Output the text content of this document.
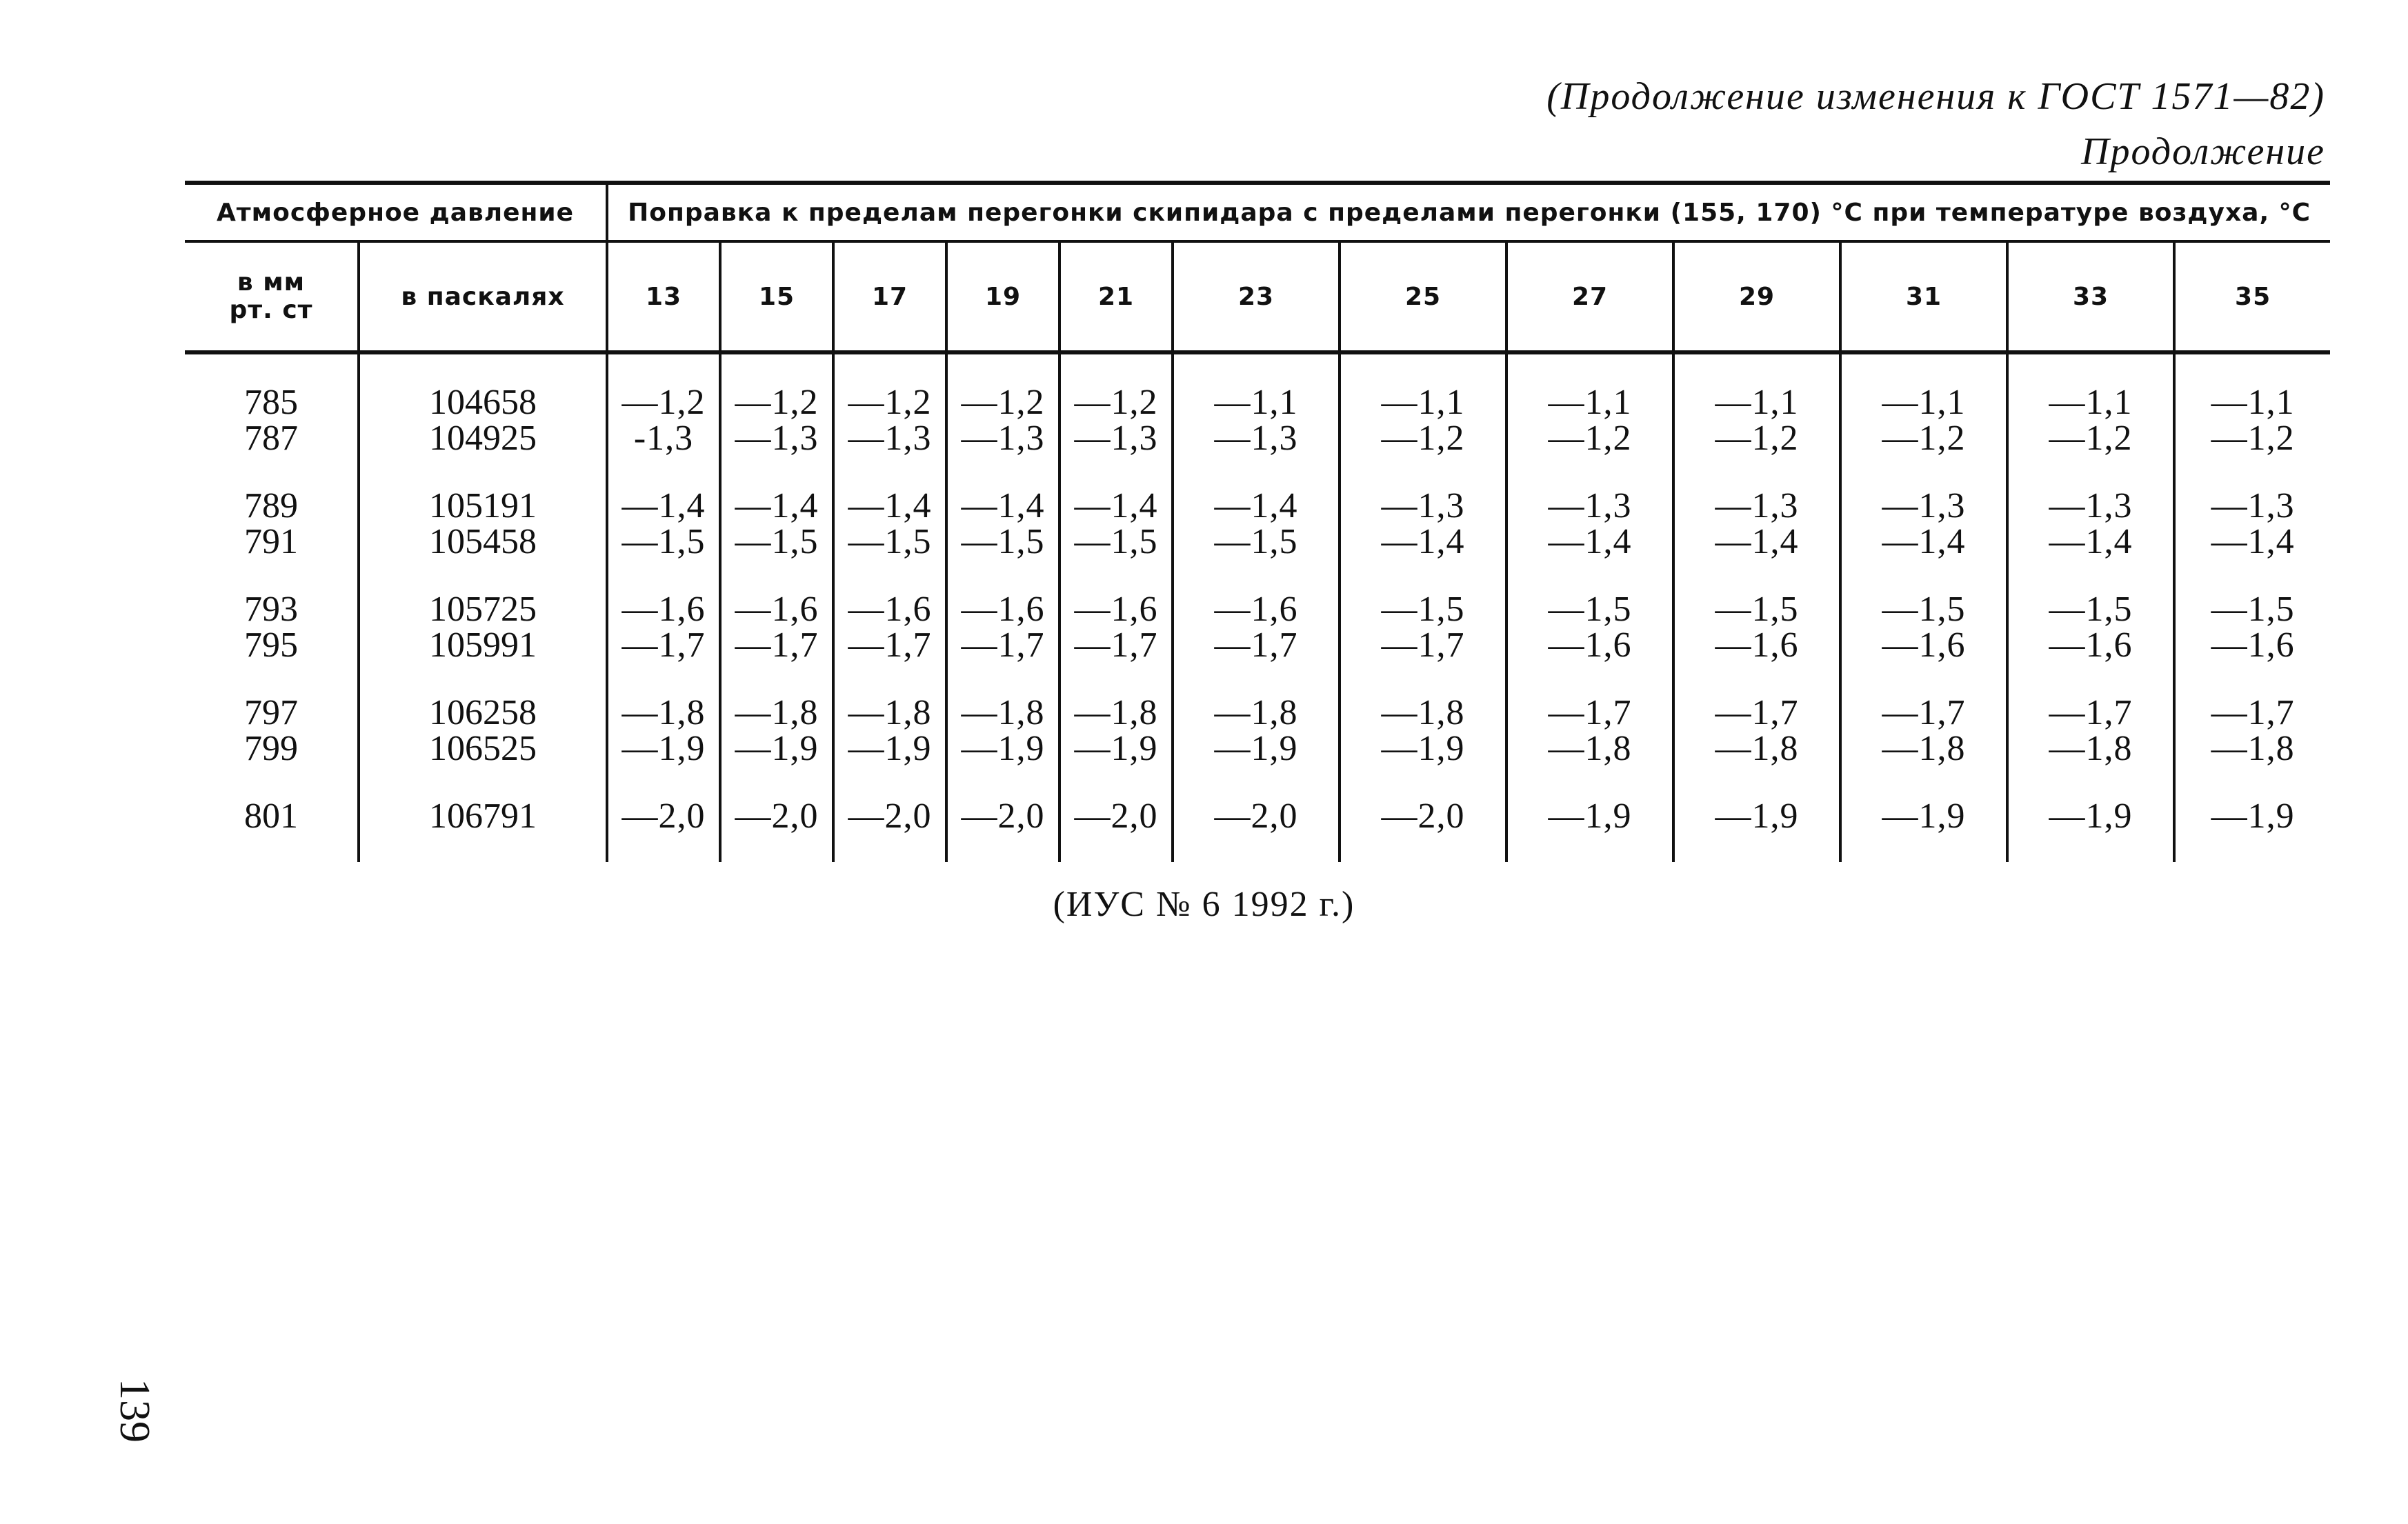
(Продолжение изменения к ГОСТ 1571—82)
Продолжение
Атмосферное давление		Поправка к пределам перегонки скипидара с пределами перегонки (155, 170) °С при температуре воздуха, °С											

в мм
рт. ст	в паскалях	13	15	17	19	21	23	25	27	29	31	33	35

785	104658	—1,2	—1,2	—1,2	—1,2	—1,2	—1,1	—1,1	—1,1	—1,1	—1,1	—1,1	—1,1
787	104925	-1,3	—1,3	—1,3	—1,3	—1,3	—1,3	—1,2	—1,2	—1,2	—1,2	—1,2	—1,2

789	105191	—1,4	—1,4	—1,4	—1,4	—1,4	—1,4	—1,3	—1,3	—1,3	—1,3	—1,3	—1,3
791	105458	—1,5	—1,5	—1,5	—1,5	—1,5	—1,5	—1,4	—1,4	—1,4	—1,4	—1,4	—1,4

793	105725	—1,6	—1,6	—1,6	—1,6	—1,6	—1,6	—1,5	—1,5	—1,5	—1,5	—1,5	—1,5
795	105991	—1,7	—1,7	—1,7	—1,7	—1,7	—1,7	—1,7	—1,6	—1,6	—1,6	—1,6	—1,6

797	106258	—1,8	—1,8	—1,8	—1,8	—1,8	—1,8	—1,8	—1,7	—1,7	—1,7	—1,7	—1,7
799	106525	—1,9	—1,9	—1,9	—1,9	—1,9	—1,9	—1,9	—1,8	—1,8	—1,8	—1,8	—1,8

801	106791	—2,0	—2,0	—2,0	—2,0	—2,0	—2,0	—2,0	—1,9	—1,9	—1,9	—1,9	—1,9

(ИУС № 6 1992 г.)
139
